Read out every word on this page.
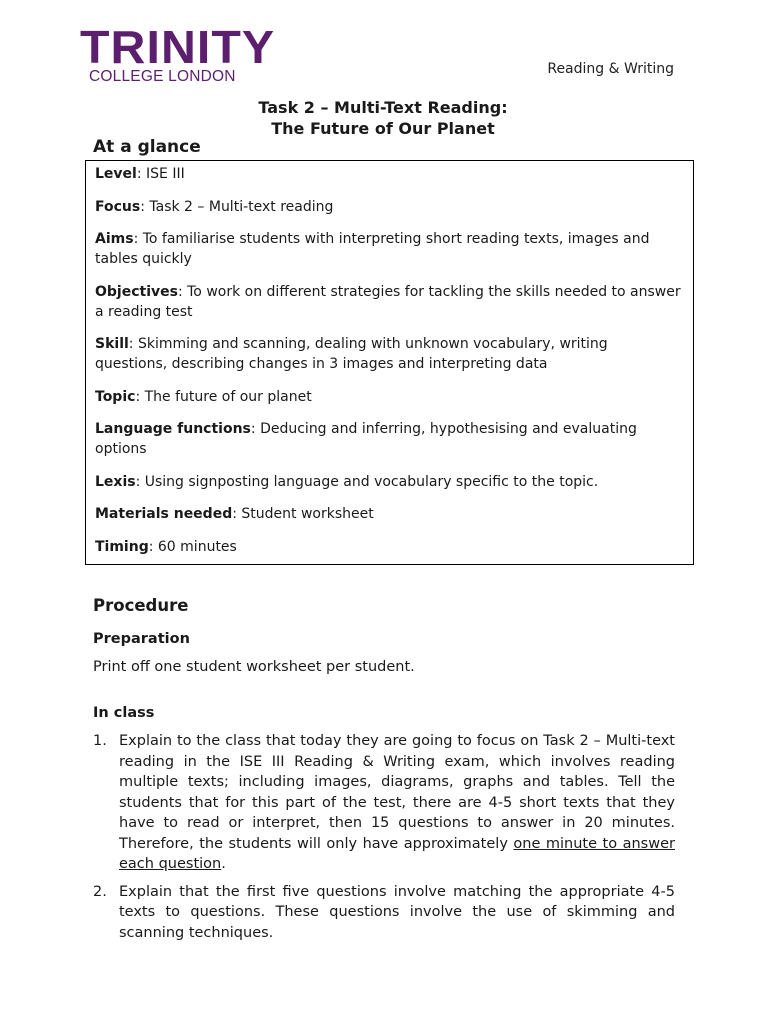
TRINITY
COLLEGE LONDON	Reading & Writing
Task 2 – Multi-Text Reading:
The Future of Our Planet
At a glance
Level: ISE III
Focus: Task 2 – Multi-text reading
Aims: To familiarise students with interpreting short reading texts, images and tables quickly
Objectives: To work on different strategies for tackling the skills needed to answer a reading test
Skill: Skimming and scanning, dealing with unknown vocabulary, writing questions, describing changes in 3 images and interpreting data
Topic: The future of our planet
Language functions: Deducing and inferring, hypothesising and evaluating options
Lexis: Using signposting language and vocabulary specific to the topic.
Materials needed: Student worksheet
Timing: 60 minutes
Procedure
Preparation
Print off one student worksheet per student.
In class
1. Explain to the class that today they are going to focus on Task 2 – Multi-text reading in the ISE III Reading & Writing exam, which involves reading multiple texts; including images, diagrams, graphs and tables. Tell the students that for this part of the test, there are 4-5 short texts that they have to read or interpret, then 15 questions to answer in 20 minutes. Therefore, the students will only have approximately one minute to answer each question.
2. Explain that the first five questions involve matching the appropriate 4-5 texts to questions. These questions involve the use of skimming and scanning techniques.
